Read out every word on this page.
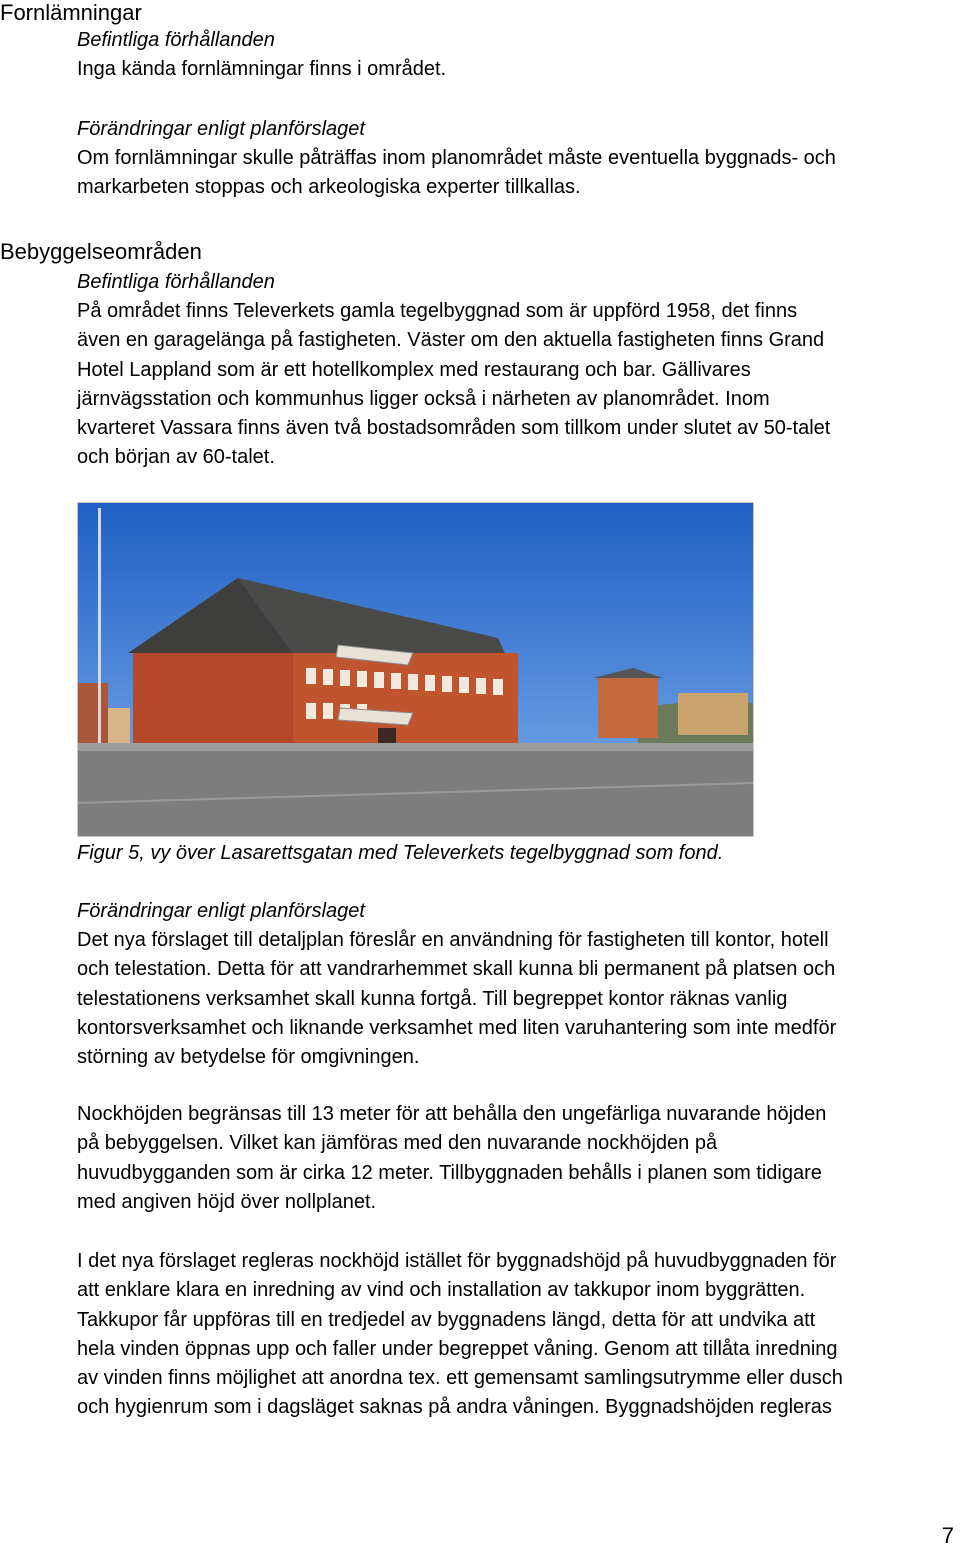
Fornlämningar
Befintliga förhållanden
Inga kända fornlämningar finns i området.
Förändringar enligt planförslaget
Om fornlämningar skulle påträffas inom planområdet måste eventuella byggnads- och
markarbeten stoppas och arkeologiska experter tillkallas.
Bebyggelseområden
Befintliga förhållanden
På området finns Televerkets gamla tegelbyggnad som är uppförd 1958, det finns
även en garagelänga på fastigheten. Väster om den aktuella fastigheten finns Grand
Hotel Lappland som är ett hotellkomplex med restaurang och bar. Gällivares
järnvägsstation och kommunhus ligger också i närheten av planområdet. Inom
kvarteret Vassara finns även två bostadsområden som tillkom under slutet av 50-talet
och början av 60-talet.
Figur 5, vy över Lasarettsgatan med Televerkets tegelbyggnad som fond.
Förändringar enligt planförslaget
Det nya förslaget till detaljplan föreslår en användning för fastigheten till kontor, hotell
och telestation. Detta för att vandrarhemmet skall kunna bli permanent på platsen och
telestationens verksamhet skall kunna fortgå. Till begreppet kontor räknas vanlig
kontorsverksamhet och liknande verksamhet med liten varuhantering som inte medför
störning av betydelse för omgivningen.
Nockhöjden begränsas till 13 meter för att behålla den ungefärliga nuvarande höjden
på bebyggelsen. Vilket kan jämföras med den nuvarande nockhöjden på
huvudbygganden som är cirka 12 meter. Tillbyggnaden behålls i planen som tidigare
med angiven höjd över nollplanet.
I det nya förslaget regleras nockhöjd istället för byggnadshöjd på huvudbyggnaden för
att enklare klara en inredning av vind och installation av takkupor inom byggrätten.
Takkupor får uppföras till en tredjedel av byggnadens längd, detta för att undvika att
hela vinden öppnas upp och faller under begreppet våning. Genom att tillåta inredning
av vinden finns möjlighet att anordna tex. ett gemensamt samlingsutrymme eller dusch
och hygienrum som i dagsläget saknas på andra våningen. Byggnadshöjden regleras
7
